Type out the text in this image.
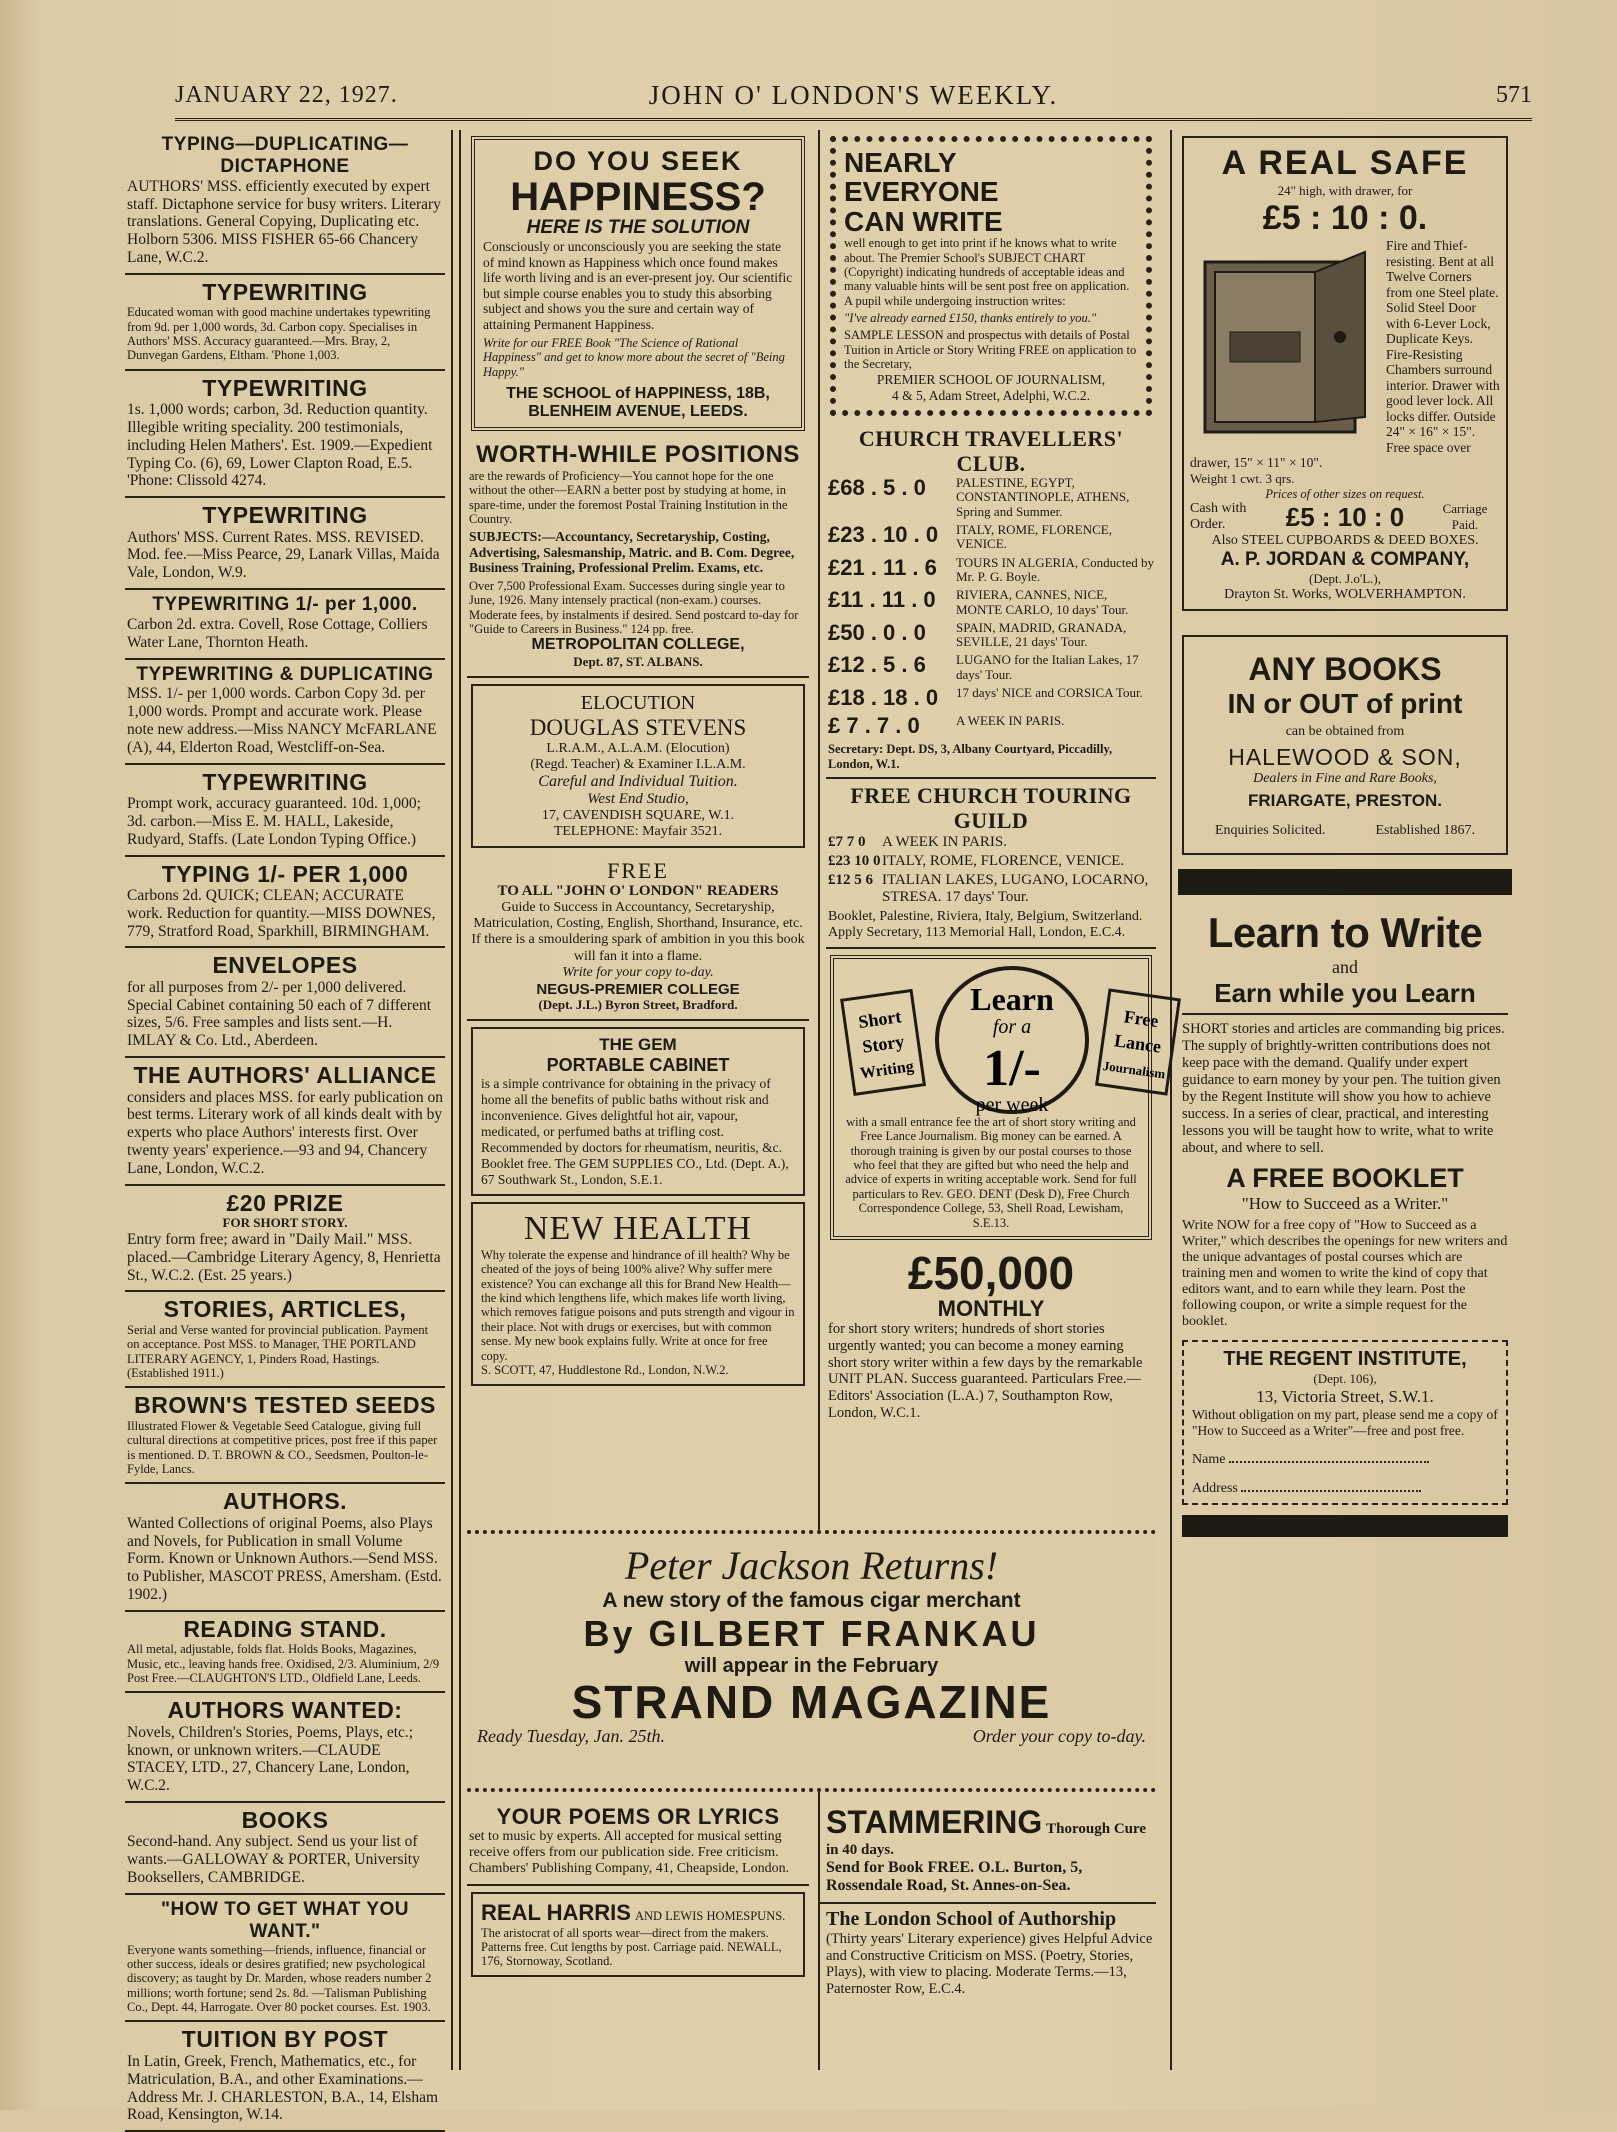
JANUARY 22, 1927.	JOHN O' LONDON'S WEEKLY.	571
TYPING—DUPLICATING— DICTAPHONE
AUTHORS' MSS. efficiently executed by expert staff. Dictaphone service for busy writers. Literary translations. General Copying, Duplicating etc. Holborn 5306. MISS FISHER 65-66 Chancery Lane, W.C.2.
TYPEWRITING
Educated woman with good machine undertakes typewriting from 9d. per 1,000 words, 3d. Carbon copy. Specialises in Authors' MSS. Accuracy guaranteed.—Mrs. Bray, 2, Dunvegan Gardens, Eltham. 'Phone 1,003.
TYPEWRITING
1s. 1,000 words; carbon, 3d. Reduction quantity. Illegible writing speciality. 200 testimonials, including Helen Mathers'. Est. 1909.—Expedient Typing Co. (6), 69, Lower Clapton Road, E.5. 'Phone: Clissold 4274.
TYPEWRITING
Authors' MSS. Current Rates. MSS. REVISED. Mod. fee.—Miss Pearce, 29, Lanark Villas, Maida Vale, London, W.9.
TYPEWRITING 1/- per 1,000.
Carbon 2d. extra. Covell, Rose Cottage, Colliers Water Lane, Thornton Heath.
TYPEWRITING & DUPLICATING
MSS. 1/- per 1,000 words. Carbon Copy 3d. per 1,000 words. Prompt and accurate work. Please note new address.—Miss NANCY McFARLANE (A), 44, Elderton Road, Westcliff-on-Sea.
TYPEWRITING
Prompt work, accuracy guaranteed. 10d. 1,000; 3d. carbon.—Miss E. M. HALL, Lakeside, Rudyard, Staffs. (Late London Typing Office.)
TYPING 1/- PER 1,000
Carbons 2d. QUICK; CLEAN; ACCURATE work. Reduction for quantity.—MISS DOWNES, 779, Stratford Road, Sparkhill, BIRMINGHAM.
ENVELOPES
for all purposes from 2/- per 1,000 delivered. Special Cabinet containing 50 each of 7 different sizes, 5/6. Free samples and lists sent.—H. IMLAY & Co. Ltd., Aberdeen.
THE AUTHORS' ALLIANCE
considers and places MSS. for early publication on best terms. Literary work of all kinds dealt with by experts who place Authors' interests first. Over twenty years' experience.—93 and 94, Chancery Lane, London, W.C.2.
£20 PRIZE
FOR SHORT STORY.
Entry form free; award in "Daily Mail." MSS. placed.—Cambridge Literary Agency, 8, Henrietta St., W.C.2. (Est. 25 years.)
STORIES, ARTICLES,
Serial and Verse wanted for provincial publication. Payment on acceptance. Post MSS. to Manager, THE PORTLAND LITERARY AGENCY, 1, Pinders Road, Hastings. (Established 1911.)
BROWN'S TESTED SEEDS
Illustrated Flower & Vegetable Seed Catalogue, giving full cultural directions at competitive prices, post free if this paper is mentioned. D. T. BROWN & CO., Seedsmen, Poulton-le-Fylde, Lancs.
AUTHORS.
Wanted Collections of original Poems, also Plays and Novels, for Publication in small Volume Form. Known or Unknown Authors.—Send MSS. to Publisher, MASCOT PRESS, Amersham. (Estd. 1902.)
READING STAND.
All metal, adjustable, folds flat. Holds Books, Magazines, Music, etc., leaving hands free. Oxidised, 2/3. Aluminium, 2/9 Post Free.—CLAUGHTON'S LTD., Oldfield Lane, Leeds.
AUTHORS WANTED:
Novels, Children's Stories, Poems, Plays, etc.; known, or unknown writers.—CLAUDE STACEY, LTD., 27, Chancery Lane, London, W.C.2.
BOOKS
Second-hand. Any subject. Send us your list of wants.—GALLOWAY & PORTER, University Booksellers, CAMBRIDGE.
"HOW TO GET WHAT YOU WANT."
Everyone wants something—friends, influence, financial or other success, ideals or desires gratified; new psychological discovery; as taught by Dr. Marden, whose readers number 2 millions; worth fortune; send 2s. 8d. —Talisman Publishing Co., Dept. 44, Harrogate. Over 80 pocket courses. Est. 1903.
TUITION BY POST
In Latin, Greek, French, Mathematics, etc., for Matriculation, B.A., and other Examinations.—Address Mr. J. CHARLESTON, B.A., 14, Elsham Road, Kensington, W.14.
DO YOU SEEK
HAPPINESS?
HERE IS THE SOLUTION
Consciously or unconsciously you are seeking the state of mind known as Happiness which once found makes life worth living and is an ever-present joy. Our scientific but simple course enables you to study this absorbing subject and shows you the sure and certain way of attaining Permanent Happiness.
Write for our FREE Book "The Science of Rational Happiness" and get to know more about the secret of "Being Happy."
THE SCHOOL of HAPPINESS, 18B, BLENHEIM AVENUE, LEEDS.
WORTH-WHILE POSITIONS
are the rewards of Proficiency—You cannot hope for the one without the other—EARN a better post by studying at home, in spare-time, under the foremost Postal Training Institution in the Country.
SUBJECTS:—Accountancy, Secretaryship, Costing, Advertising, Salesmanship, Matric. and B. Com. Degree, Business Training, Professional Prelim. Exams, etc.
Over 7,500 Professional Exam. Successes during single year to June, 1926. Many intensely practical (non-exam.) courses. Moderate fees, by instalments if desired. Send postcard to-day for "Guide to Careers in Business." 124 pp. free.
METROPOLITAN COLLEGE,
Dept. 87, ST. ALBANS.
ELOCUTION
DOUGLAS STEVENS
L.R.A.M., A.L.A.M. (Elocution)
(Regd. Teacher) & Examiner I.L.A.M.
Careful and Individual Tuition.
West End Studio,
17, CAVENDISH SQUARE, W.1.
TELEPHONE: Mayfair 3521.
FREE
TO ALL "JOHN O' LONDON" READERS
Guide to Success in Accountancy, Secretaryship, Matriculation, Costing, English, Shorthand, Insurance, etc. If there is a smouldering spark of ambition in you this book will fan it into a flame.
Write for your copy to-day.
NEGUS-PREMIER COLLEGE
(Dept. J.L.) Byron Street, Bradford.
THE GEM
PORTABLE CABINET
is a simple contrivance for obtaining in the privacy of home all the benefits of public baths without risk and inconvenience. Gives delightful hot air, vapour, medicated, or perfumed baths at trifling cost. Recommended by doctors for rheumatism, neuritis, &c. Booklet free. The GEM SUPPLIES CO., Ltd. (Dept. A.), 67 Southwark St., London, S.E.1.
NEW HEALTH
Why tolerate the expense and hindrance of ill health? Why be cheated of the joys of being 100% alive? Why suffer mere existence? You can exchange all this for Brand New Health—the kind which lengthens life, which makes life worth living, which removes fatigue poisons and puts strength and vigour in their place. Not with drugs or exercises, but with common sense. My new book explains fully. Write at once for free copy.
S. SCOTT, 47, Huddlestone Rd., London, N.W.2.
NEARLY
EVERYONE
CAN WRITE
well enough to get into print if he knows what to write about. The Premier School's SUBJECT CHART (Copyright) indicating hundreds of acceptable ideas and many valuable hints will be sent post free on application. A pupil while undergoing instruction writes:
"I've already earned £150, thanks entirely to you."
SAMPLE LESSON and prospectus with details of Postal Tuition in Article or Story Writing FREE on application to the Secretary,
PREMIER SCHOOL OF JOURNALISM,
4 & 5, Adam Street, Adelphi, W.C.2.
CHURCH TRAVELLERS' CLUB.
£68 . 5 . 0	PALESTINE, EGYPT, CONSTANTINOPLE, ATHENS, Spring and Summer.
£23 . 10 . 0	ITALY, ROME, FLORENCE, VENICE.
£21 . 11 . 6	TOURS IN ALGERIA, Conducted by Mr. P. G. Boyle.
£11 . 11 . 0	RIVIERA, CANNES, NICE, MONTE CARLO, 10 days' Tour.
£50 . 0 . 0	SPAIN, MADRID, GRANADA, SEVILLE, 21 days' Tour.
£12 . 5 . 6	LUGANO for the Italian Lakes, 17 days' Tour.
£18 . 18 . 0	17 days' NICE and CORSICA Tour.
£ 7 . 7 . 0	A WEEK IN PARIS.
Secretary: Dept. DS, 3, Albany Courtyard, Piccadilly, London, W.1.
FREE CHURCH TOURING GUILD
£7 7 0	A WEEK IN PARIS.
£23 10 0 ITALY, ROME, FLORENCE, VENICE.
£12 5 6 ITALIAN LAKES, LUGANO, LOCARNO, STRESA. 17 days' Tour.
Booklet, Palestine, Riviera, Italy, Belgium, Switzerland. Apply Secretary, 113 Memorial Hall, London, E.C.4.
Short
Story
Writing
Free
Lance
Journalism
Learn
for a
1/-
per week
with a small entrance fee the art of short story writing and Free Lance Journalism. Big money can be earned. A thorough training is given by our postal courses to those who feel that they are gifted but who need the help and advice of experts in writing acceptable work. Send for full particulars to Rev. GEO. DENT (Desk D), Free Church Correspondence College, 53, Shell Road, Lewisham, S.E.13.
£50,000
MONTHLY
for short story writers; hundreds of short stories urgently wanted; you can become a money earning short story writer within a few days by the remarkable UNIT PLAN. Success guaranteed. Particulars Free.—Editors' Association (L.A.) 7, Southampton Row, London, W.C.1.
Peter Jackson Returns!
A new story of the famous cigar merchant
By GILBERT FRANKAU
will appear in the February
STRAND MAGAZINE
Ready Tuesday, Jan. 25th.	Order your copy to-day.
YOUR POEMS OR LYRICS
set to music by experts. All accepted for musical setting receive offers from our publication side. Free criticism. Chambers' Publishing Company, 41, Cheapside, London.
REAL HARRIS AND LEWIS HOMESPUNS.
The aristocrat of all sports wear—direct from the makers. Patterns free. Cut lengths by post. Carriage paid. NEWALL, 176, Stornoway, Scotland.
STAMMERING Thorough Cure in 40 days.
Send for Book FREE. O.L. Burton, 5, Rossendale Road, St. Annes-on-Sea.
The London School of Authorship
(Thirty years' Literary experience) gives Helpful Advice and Constructive Criticism on MSS. (Poetry, Stories, Plays), with view to placing. Moderate Terms.—13, Paternoster Row, E.C.4.
A REAL SAFE
24" high, with drawer, for
£5 : 10 : 0.
Fire and Thief-resisting. Bent at all Twelve Corners from one Steel plate. Solid Steel Door with 6-Lever Lock, Duplicate Keys. Fire-Resisting Chambers surround interior. Drawer with good lever lock. All locks differ. Outside 24" × 16" × 15". Free space over drawer, 15" × 11" × 10".
Weight 1 cwt. 3 qrs.
Prices of other sizes on request.
Cash with Order.	£5 : 10 : 0	Carriage Paid.
Also STEEL CUPBOARDS & DEED BOXES.
A. P. JORDAN & COMPANY,
(Dept. J.o'L.),
Drayton St. Works, WOLVERHAMPTON.
ANY BOOKS
IN or OUT of print
can be obtained from
HALEWOOD & SON,
Dealers in Fine and Rare Books,
FRIARGATE, PRESTON.
Enquiries Solicited.	Established 1867.
Learn to Write
and
Earn while you Learn
SHORT stories and articles are commanding big prices. The supply of brightly-written contributions does not keep pace with the demand. Qualify under expert guidance to earn money by your pen. The tuition given by the Regent Institute will show you how to achieve success. In a series of clear, practical, and interesting lessons you will be taught how to write, what to write about, and where to sell.
A FREE BOOKLET
"How to Succeed as a Writer."
Write NOW for a free copy of "How to Succeed as a Writer," which describes the openings for new writers and the unique advantages of postal courses which are training men and women to write the kind of copy that editors want, and to earn while they learn. Post the following coupon, or write a simple request for the booklet.
THE REGENT INSTITUTE,
(Dept. 106),
13, Victoria Street, S.W.1.
Without obligation on my part, please send me a copy of "How to Succeed as a Writer"—free and post free.
Name
Address
